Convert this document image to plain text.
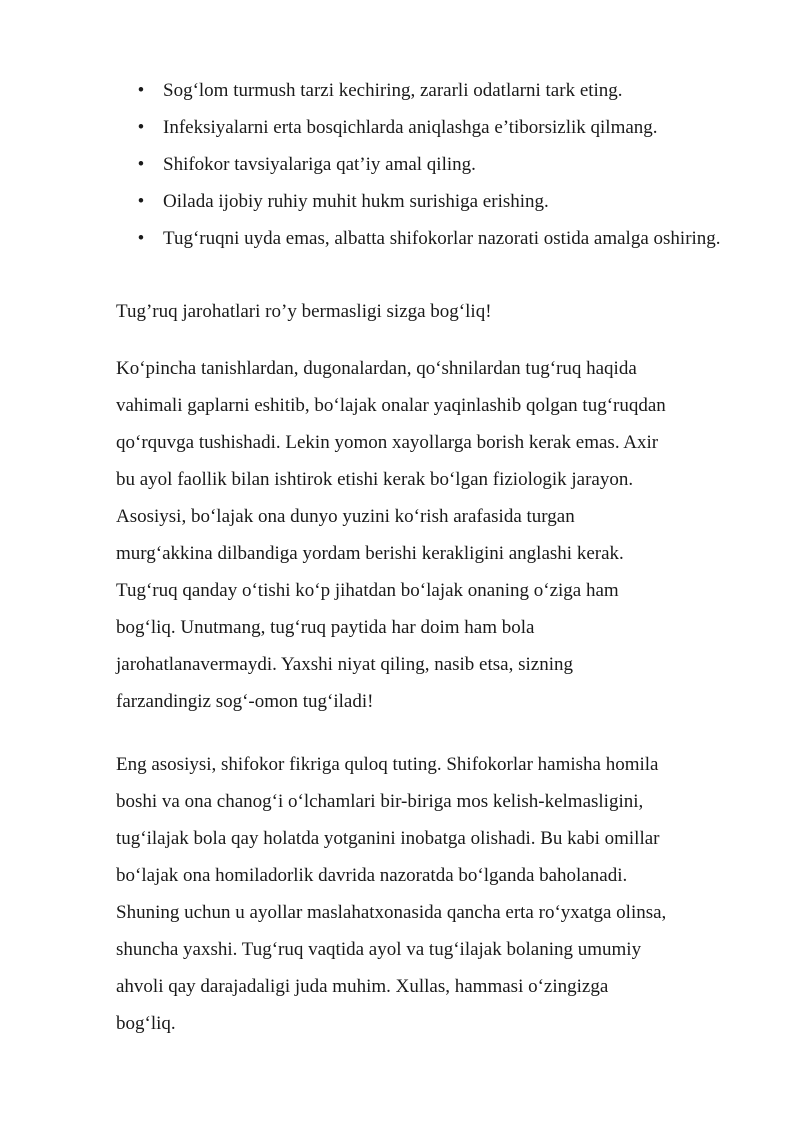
• Sog‘lom turmush tarzi kechiring, zararli odatlarni tark eting.
• Infeksiyalarni erta bosqichlarda aniqlashga e’tiborsizlik qilmang.
• Shifokor tavsiyalariga qat’iy amal qiling.
• Oilada ijobiy ruhiy muhit hukm surishiga erishing.
• Tug‘ruqni uyda emas, albatta shifokorlar nazorati ostida amalga oshiring.
Tug’ruq jarohatlari ro’y bermasligi sizga bog‘liq!
Ko‘pincha tanishlardan, dugonalardan, qo‘shnilardan tug‘ruq haqida
vahimali gaplarni eshitib, bo‘lajak onalar yaqinlashib qolgan tug‘ruqdan
qo‘rquvga tushishadi. Lekin yomon xayollarga borish kerak emas. Axir
bu ayol faollik bilan ishtirok etishi kerak bo‘lgan fiziologik jarayon.
Asosiysi, bo‘lajak ona dunyo yuzini ko‘rish arafasida turgan
murg‘akkina dilbandiga yordam berishi kerakligini anglashi kerak.
Tug‘ruq qanday o‘tishi ko‘p jihatdan bo‘lajak onaning o‘ziga ham
bog‘liq. Unutmang, tug‘ruq paytida har doim ham bola
jarohatlanavermaydi. Yaxshi niyat qiling, nasib etsa, sizning
farzandingiz sog‘-omon tug‘iladi!
Eng asosiysi, shifokor fikriga quloq tuting. Shifokorlar hamisha homila
boshi va ona chanog‘i o‘lchamlari bir-biriga mos kelish-kelmasligini,
tug‘ilajak bola qay holatda yotganini inobatga olishadi. Bu kabi omillar
bo‘lajak ona homiladorlik davrida nazoratda bo‘lganda baholanadi.
Shuning uchun u ayollar maslahatxonasida qancha erta ro‘yxatga olinsa,
shuncha yaxshi. Tug‘ruq vaqtida ayol va tug‘ilajak bolaning umumiy
ahvoli qay darajadaligi juda muhim. Xullas, hammasi o‘zingizga
bog‘liq.
